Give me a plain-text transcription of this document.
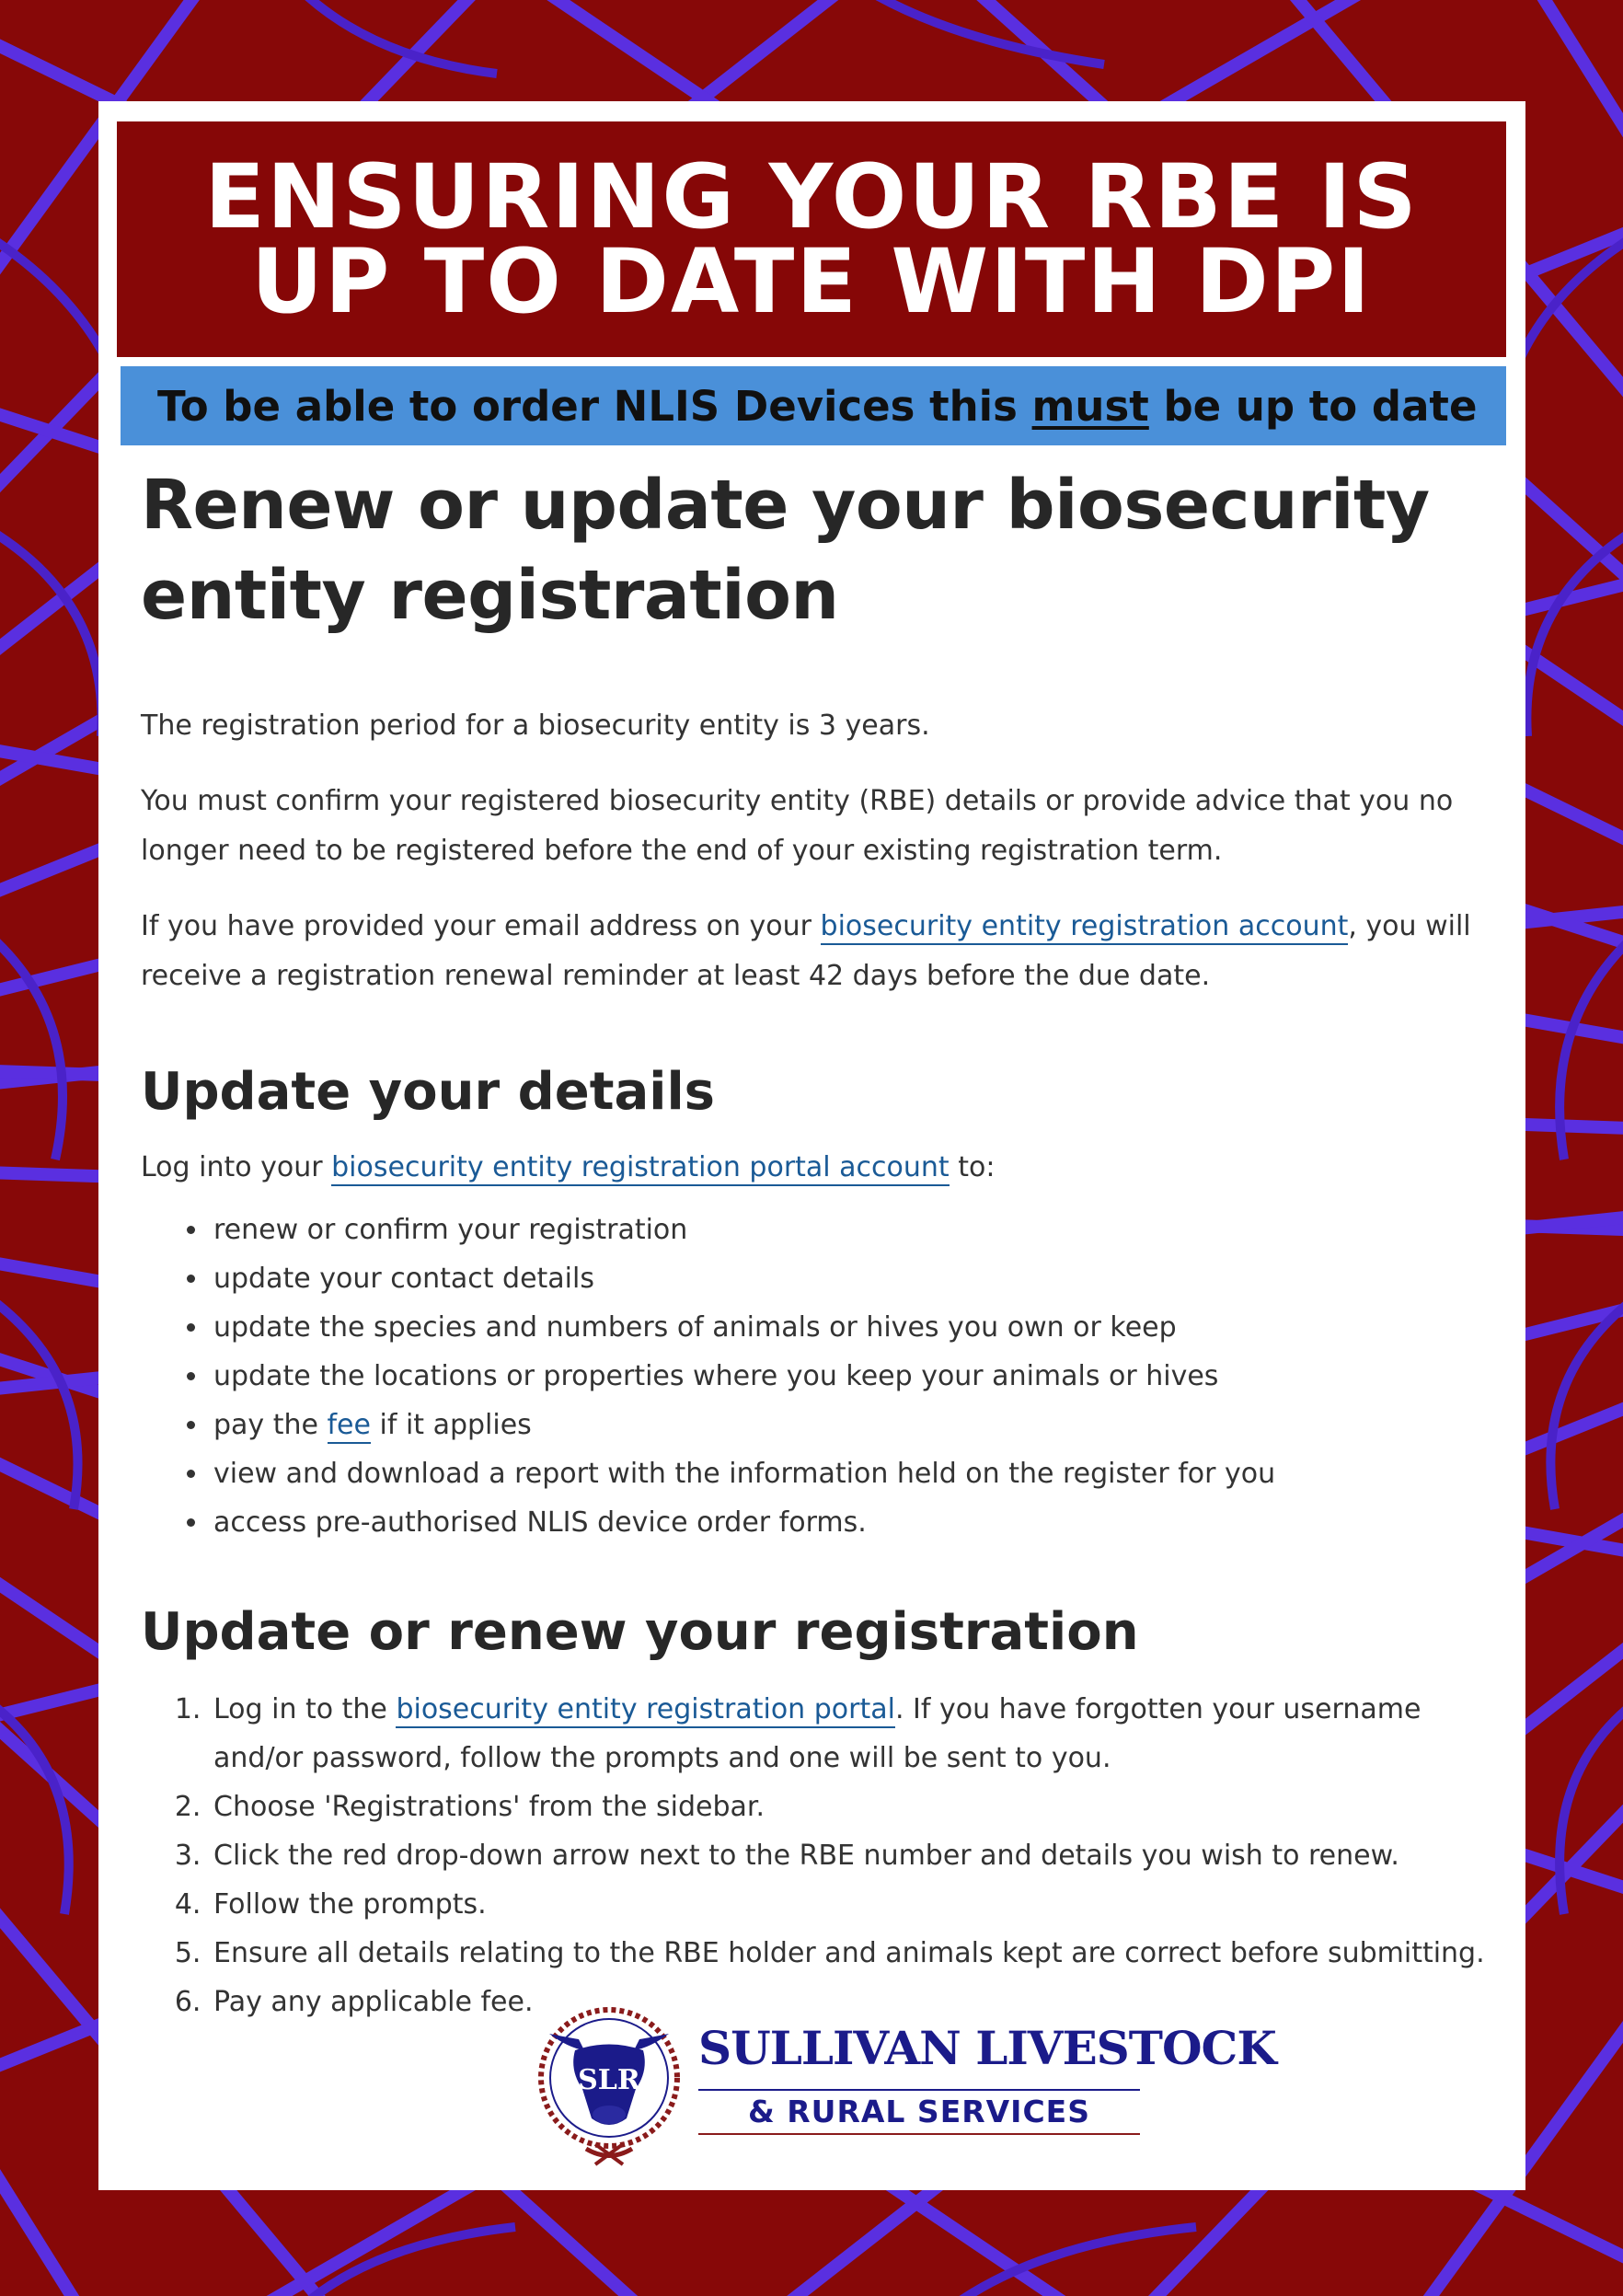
ENSURING YOUR RBE IS
UP TO DATE WITH DPI
To be able to order NLIS Devices this must be up to date
Renew or update your biosecurity entity registration

The registration period for a biosecurity entity is 3 years.

You must confirm your registered biosecurity entity (RBE) details or provide advice that you no longer need to be registered before the end of your existing registration term.

If you have provided your email address on your biosecurity entity registration account, you will receive a registration renewal reminder at least 42 days before the due date.

Update your details

Log into your biosecurity entity registration portal account to:

• renew or confirm your registration
• update your contact details
• update the species and numbers of animals or hives you own or keep
• update the locations or properties where you keep your animals or hives
• pay the fee if it applies
• view and download a report with the information held on the register for you
• access pre-authorised NLIS device order forms.
Update or renew your registration
1. Log in to the biosecurity entity registration portal. If you have forgotten your username and/or password, follow the prompts and one will be sent to you.
2. Choose 'Registrations' from the sidebar.
3. Click the red drop-down arrow next to the RBE number and details you wish to renew.
4. Follow the prompts.
5. Ensure all details relating to the RBE holder and animals kept are correct before submitting.
6. Pay any applicable fee.
SLR
SULLIVAN LIVESTOCK
& RURAL SERVICES
